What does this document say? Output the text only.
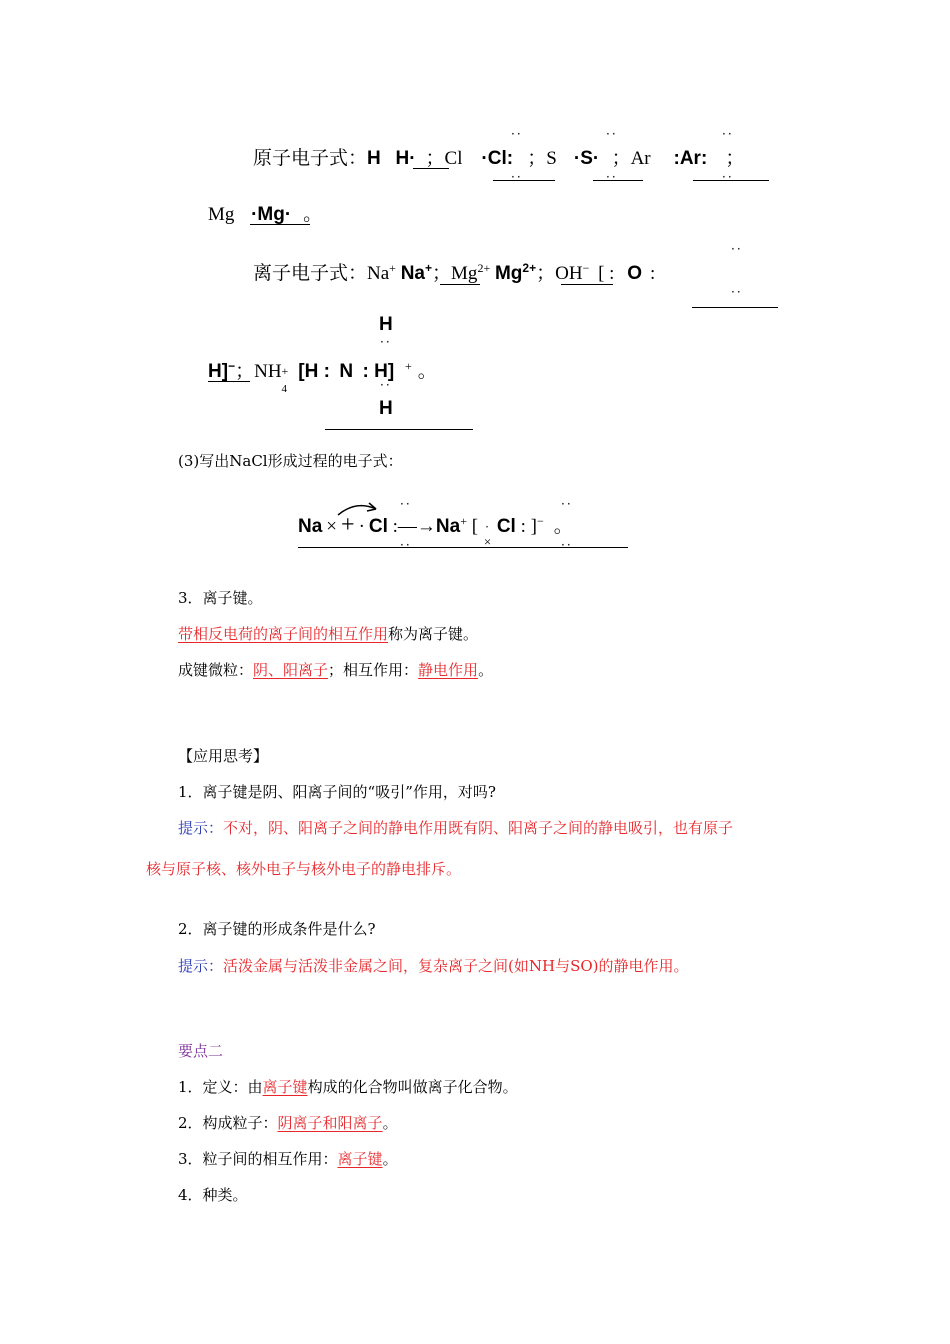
原子电子式：H H· ；Cl ·Cl: ；S ·S· ；Ar :Ar: ；
··
··
··
··
··
··
Mg ·Mg· 。
离子电子式：Na+ Na+；$Mg^{2+}$ $Mg^{2+}$；OH− [ : O :
··
··
H]−；NH +
4
[H : N : H] + 。
H
··
··
H
(3)写出NaCl形成过程的电子式：
Na × + · Cl :—→Na+ [ ·
×
Cl : ]− 。
··
··
··
··
3．离子键。
带相反电荷的离子间的相互作用称为离子键。
成键微粒：阴、阳离子；相互作用：静电作用。
【应用思考】
1．离子键是阴、阳离子间的“吸引”作用，对吗?
提示：不对，阴、阳离子之间的静电作用既有阴、阳离子之间的静电吸引，也有原子
核与原子核、核外电子与核外电子的静电排斥。
2．离子键的形成条件是什么?
提示：活泼金属与活泼非金属之间，复杂离子之间(如NH与SO)的静电作用。
要点二
1．定义：由离子键构成的化合物叫做离子化合物。
2．构成粒子：阴离子和阳离子。
3．粒子间的相互作用：离子键。
4．种类。
